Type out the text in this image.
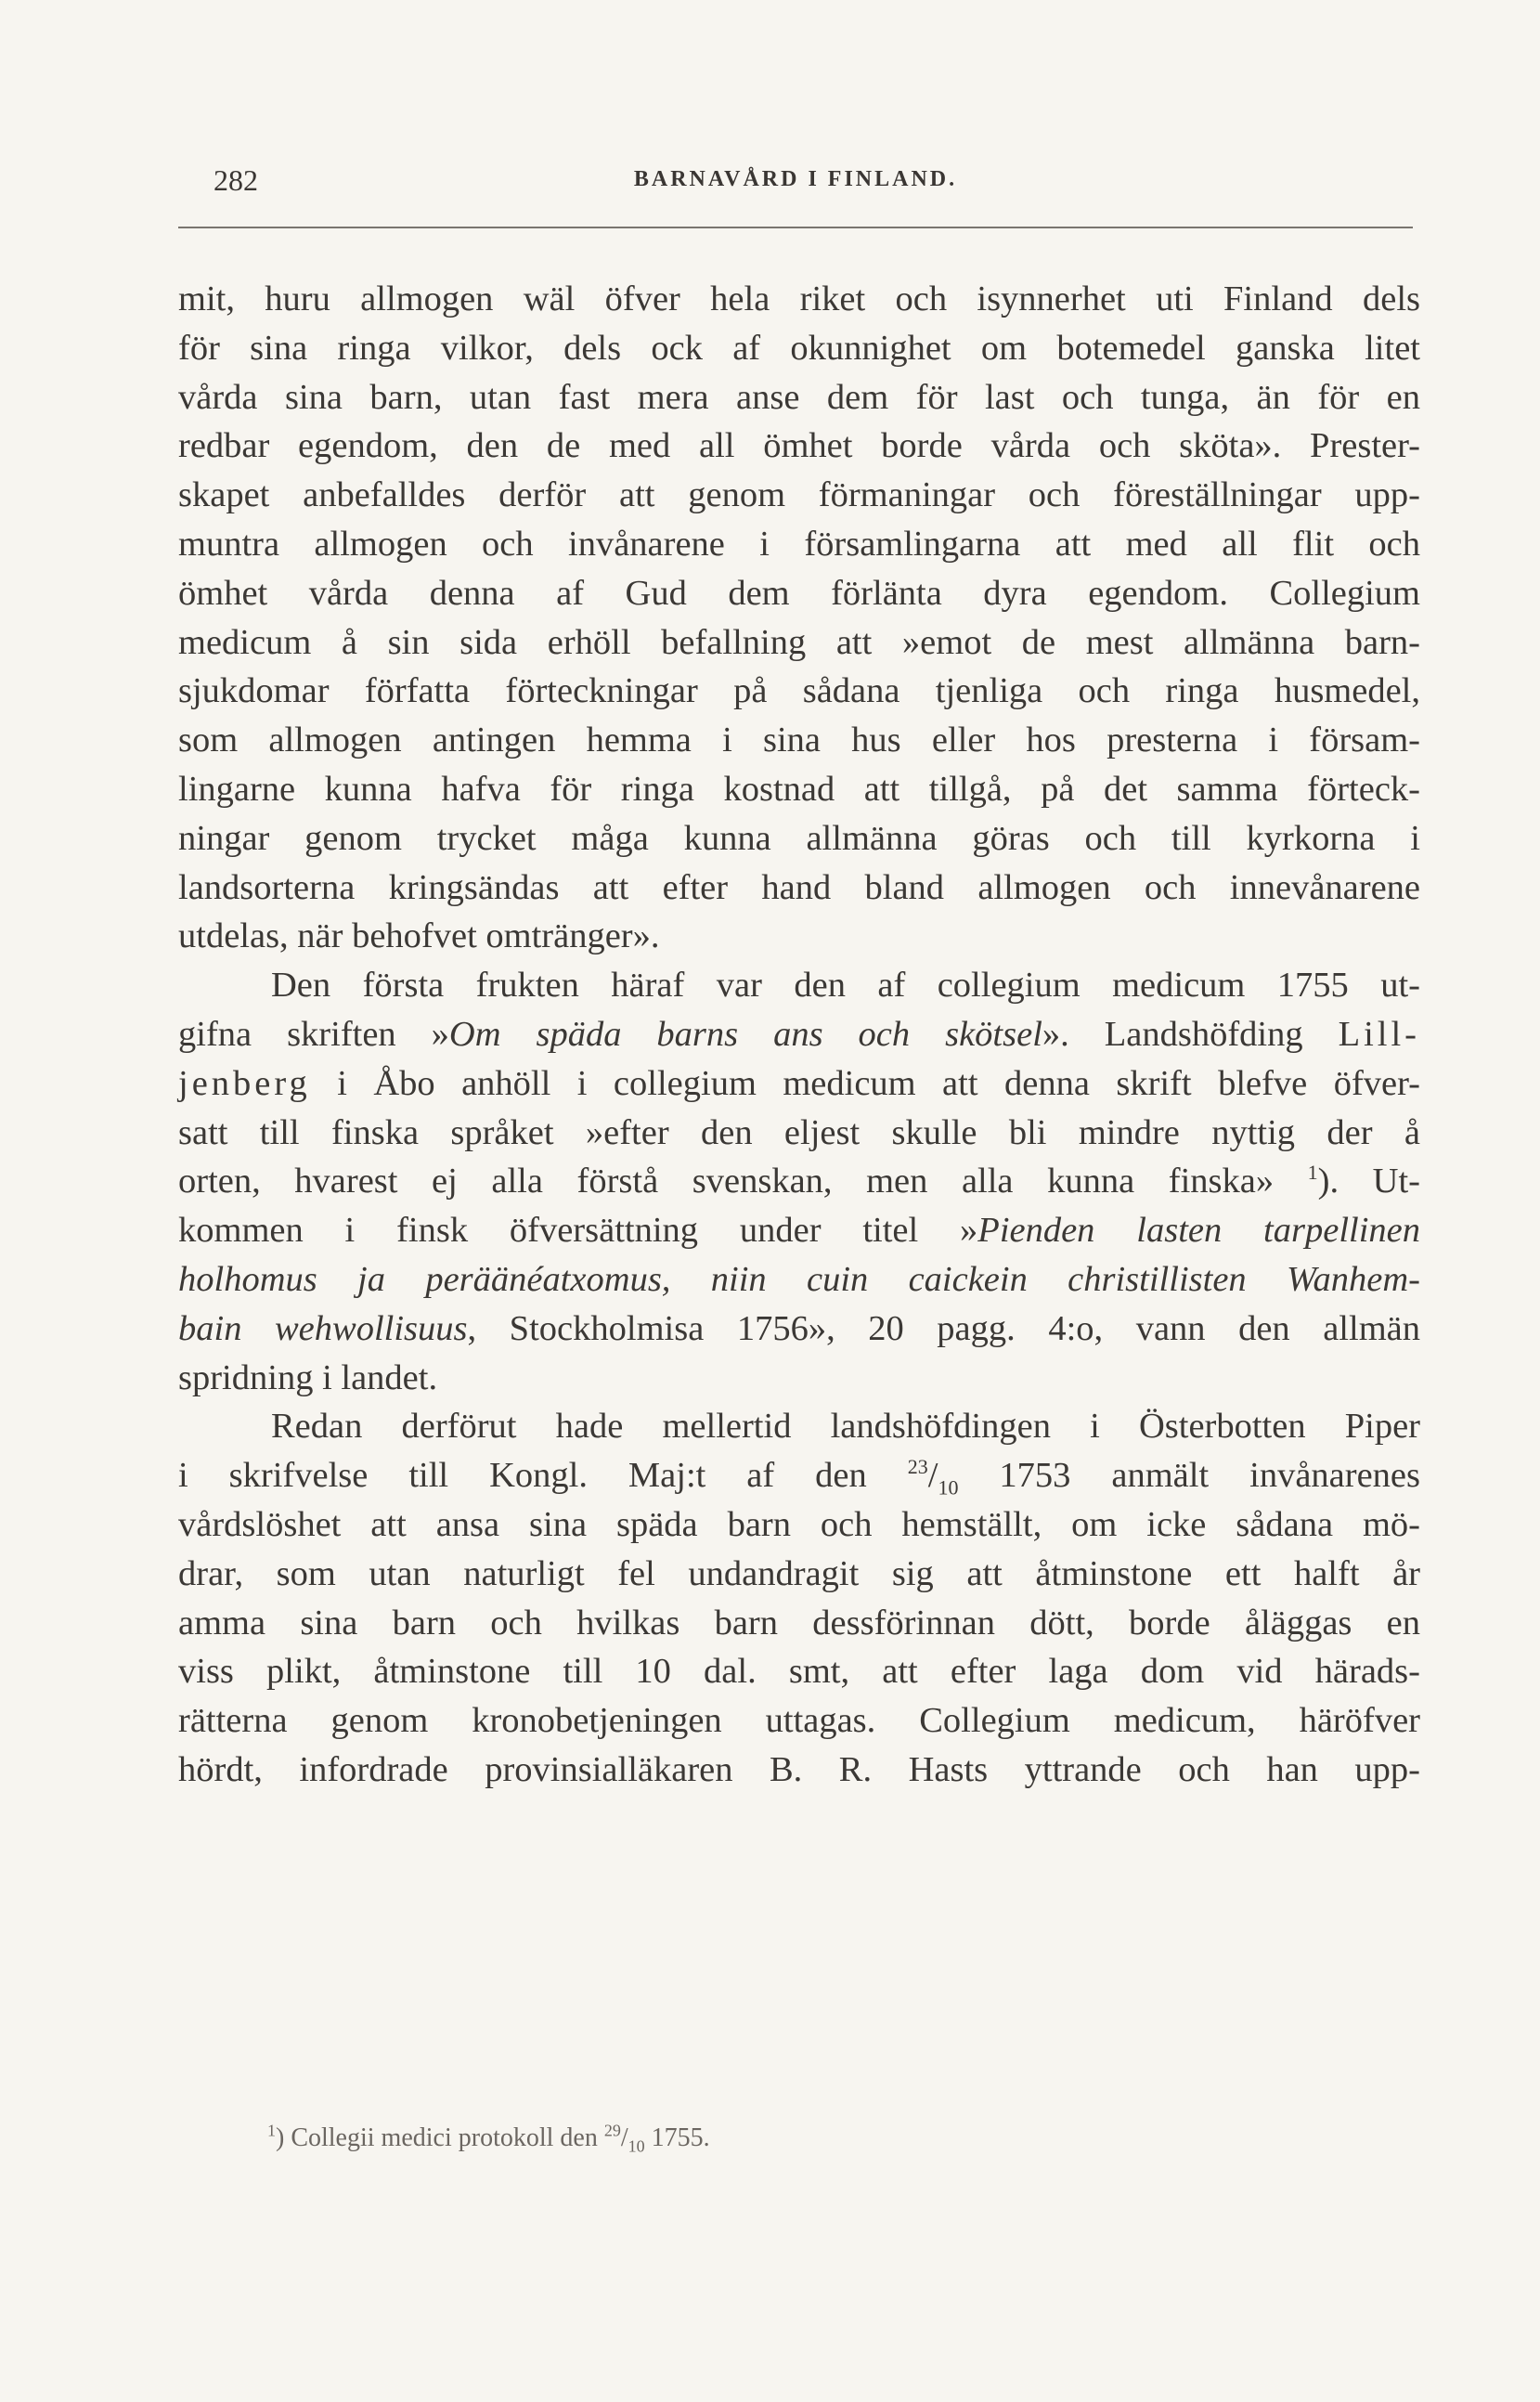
282	BARNAVÅRD I FINLAND.
mit, huru allmogen wäl öfver hela riket och isynnerhet uti Finland dels
för sina ringa vilkor, dels ock af okunnighet om botemedel ganska litet
vårda sina barn, utan fast mera anse dem för last och tunga, än för en
redbar egendom, den de med all ömhet borde vårda och sköta». Prester-
skapet anbefalldes derför att genom förmaningar och föreställningar upp-
muntra allmogen och invånarene i församlingarna att med all flit och
ömhet vårda denna af Gud dem förlänta dyra egendom. Collegium
medicum å sin sida erhöll befallning att »emot de mest allmänna barn-
sjukdomar författa förteckningar på sådana tjenliga och ringa husmedel,
som allmogen antingen hemma i sina hus eller hos presterna i försam-
lingarne kunna hafva för ringa kostnad att tillgå, på det samma förteck-
ningar genom trycket måga kunna allmänna göras och till kyrkorna i
landsorterna kringsändas att efter hand bland allmogen och innevånarene
utdelas, när behofvet omtränger».
Den första frukten häraf var den af collegium medicum 1755 ut-
gifna skriften »Om späda barns ans och skötsel». Landshöfding Lill-
jenberg i Åbo anhöll i collegium medicum att denna skrift blefve öfver-
satt till finska språket »efter den eljest skulle bli mindre nyttig der å
orten, hvarest ej alla förstå svenskan, men alla kunna finska» $^1$). Ut-
kommen i finsk öfversättning under titel »Pienden lasten tarpellinen
holhomus ja peräänéatxomus, niin cuin caickein christillisten Wanhem-
bain wehwollisuus, Stockholmisa 1756», 20 pagg. 4:o, vann den allmän
spridning i landet.
Redan derförut hade mellertid landshöfdingen i Österbotten Piper
i skrifvelse till Kongl. Maj:t af den $^{23}/_{10}$ 1753 anmält invånarenes
vårdslöshet att ansa sina späda barn och hemställt, om icke sådana mö-
drar, som utan naturligt fel undandragit sig att åtminstone ett halft år
amma sina barn och hvilkas barn dessförinnan dött, borde åläggas en
viss plikt, åtminstone till 10 dal. smt, att efter laga dom vid härads-
rätterna genom kronobetjeningen uttagas. Collegium medicum, häröfver
hördt, infordrade provinsialläkaren B. R. Hasts yttrande och han upp-
$^1$) Collegii medici protokoll den $^{29}/_{10}$ 1755.
